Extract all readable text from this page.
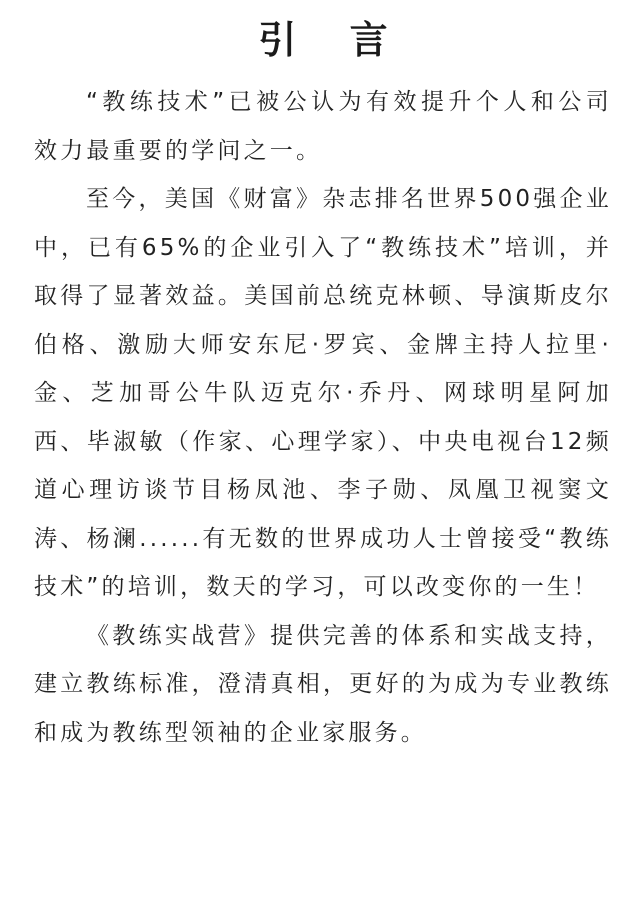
引 言

“教练技术”已被公认为有效提升个人和公司效力最重要的学问之一。

至今，美国《财富》杂志排名世界500强企业中，已有65%的企业引入了“教练技术”培训，并取得了显著效益。美国前总统克林顿、导演斯皮尔伯格、激励大师安东尼·罗宾、金牌主持人拉里·金、芝加哥公牛队迈克尔·乔丹、网球明星阿加西、毕淑敏（作家、心理学家）、中央电视台12频道心理访谈节目杨凤池、李子勋、凤凰卫视窦文涛、杨澜......有无数的世界成功人士曾接受“教练技术”的培训，数天的学习，可以改变你的一生！

《教练实战营》提供完善的体系和实战支持，建立教练标准，澄清真相，更好的为成为专业教练和成为教练型领袖的企业家服务。
